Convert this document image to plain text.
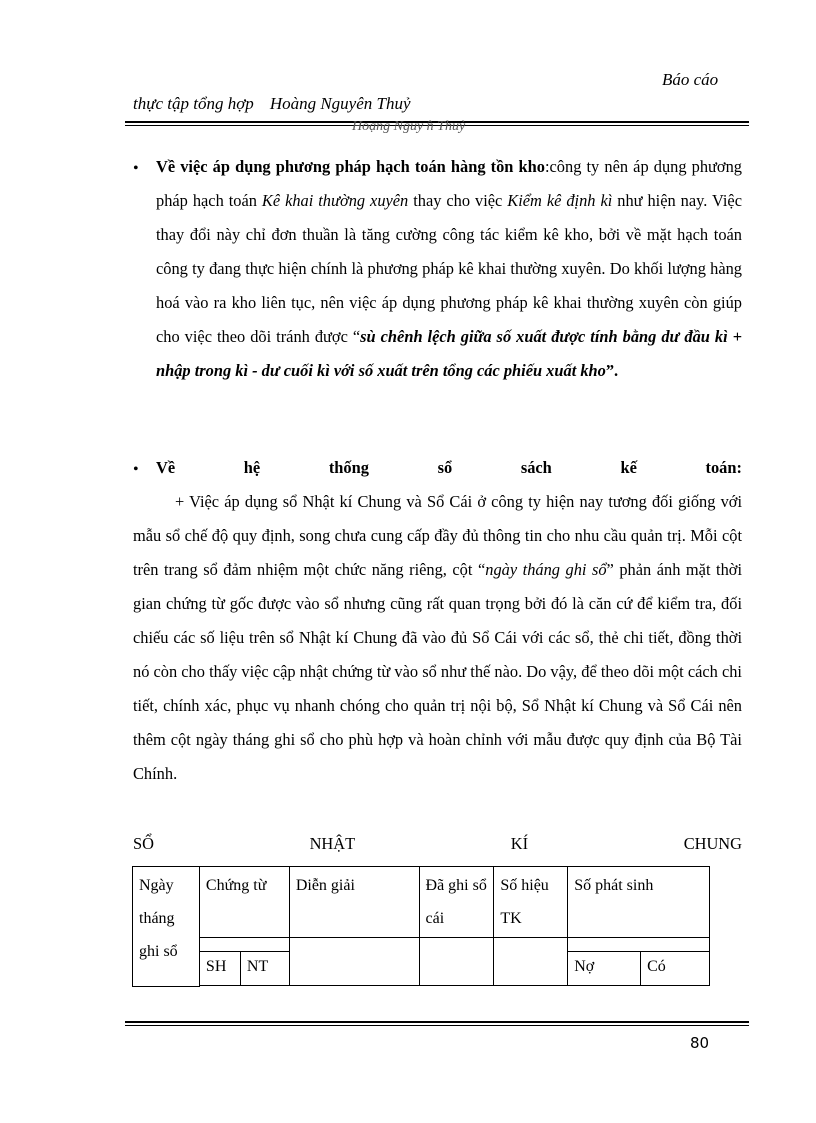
Báo cáo
thực tập tổng hợp Hoàng Nguyên Thuỷ
Hoạng Nguy ̂n Thuỷ
• Về việc áp dụng phương pháp hạch toán hàng tồn kho:công ty nên áp dụng phương pháp hạch toán Kê khai thường xuyên thay cho việc Kiểm kê định kì như hiện nay. Việc thay đổi này chỉ đơn thuần là tăng cường công tác kiểm kê kho, bởi về mặt hạch toán công ty đang thực hiện chính là phương pháp kê khai thường xuyên. Do khối lượng hàng hoá vào ra kho liên tục, nên việc áp dụng phương pháp kê khai thường xuyên còn giúp cho việc theo dõi tránh được “sù chênh lệch giữa số xuất được tính bằng dư đầu kì + nhập trong kì - dư cuối kì với số xuất trên tổng các phiếu xuất kho”.
• Về	hệ	thống	sổ	sách	kế	toán:
+ Việc áp dụng sổ Nhật kí Chung và Sổ Cái ở công ty hiện nay tương đối giống với mẫu sổ chế độ quy định, song chưa cung cấp đầy đủ thông tin cho nhu cầu quản trị. Mỗi cột trên trang sổ đảm nhiệm một chức năng riêng, cột “ngày tháng ghi sổ” phản ánh mặt thời gian chứng từ gốc được vào sổ nhưng cũng rất quan trọng bởi đó là căn cứ để kiểm tra, đối chiếu các số liệu trên sổ Nhật kí Chung đã vào đủ Sổ Cái với các sổ, thẻ chi tiết, đồng thời nó còn cho thấy việc cập nhật chứng từ vào sổ như thế nào. Do vậy, để theo dõi một cách chi tiết, chính xác, phục vụ nhanh chóng cho quản trị nội bộ, Sổ Nhật kí Chung và Sổ Cái nên thêm cột ngày tháng ghi sổ cho phù hợp và hoàn chỉnh với mẫu được quy định của Bộ Tài Chính.
SỔ	NHẬT	KÍ	CHUNG
Ngày tháng ghi sổ	Chứng từ		Diễn giải	Đã ghi sổ cái	Số hiệu TK	Số phát sinh	

	SH	NT				Nợ	Có
80
